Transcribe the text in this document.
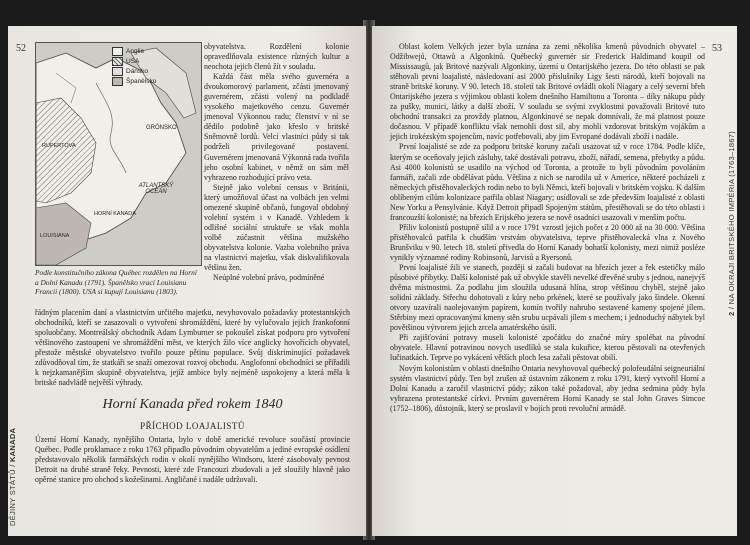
52
DĚJINY STÁTŮ / KANADA
Anglie
USA
Dánsko
Španělsko
GRÓNSKO
ATLANTSKÝ OCEÁN
RUPERTOVA
LOUISIANA
HORNÍ KANADA
Podle konstitučního zákona Québec rozdělen na Horní a Dolní Kanadu (1791). Španělsko vrací Louisianu Francii (1800). USA si kupují Louisianu (1803).

obyvatelstva. Rozdělení kolonie opravedlňovala existence různých kultur a neochota jejich členů žít v souladu.

Každá část měla svého guvernéra a dvoukomorový parlament, zčásti jmenovaný guvernérem, zčásti volený na podkladě vysokého majetkového cenzu. Guvernér jmenoval Výkonnou radu; členství v ní se dědilo podobně jako křeslo v britské Sněmovně lordů. Velcí vlastníci půdy si tak podrželi privilegované postavení. Guvernérem jmenovaná Výkonná rada tvořila jeho osobní kabinet, v němž on sám měl vyhrazeno rozhodující právo veta.

Stejně jako volební census v Británii, který umožňoval účast na volbách jen velmi omezené skupině občanů, fungoval obdobný volební systém i v Kanadě. Vzhledem k odlišné sociální struktuře se však mohla volbě zúčastnit většina mužského obyvatelstva kolonie. Vazba volebního práva na vlastnictví majetku, však diskvalifikovala většinu žen.

Neúplné volební právo, podmíněné

řádným placením daní a vlastnictvím určitého majetku, nevyhovovalo požadavky protestantských obchodníků, kteří se zasazovali o vytvoření shromáždění, které by vylučovalo jejich frankofonní spoluobčany. Montreálský obchodník Adam Lymburner se pokoušel získat podporu pro vytvoření většinového zastoupení ve shromáždění měst, ve kterých žilo více anglicky hovořících obyvatel, přestože městské obyvatelstvo tvořilo pouze pětinu populace. Svůj diskriminující požadavek zdůvodňoval tím, že statkáři se snaží omezovat rozvoj obchodu. Anglofonní obchodníci se přiřadili k nejzkamanějším skupině obyvatelstva, jejíž ambice byly nejméně uspokojeny a která měla k britské nadvládě největší výhrady.

Horní Kanada před rokem 1840
PŘÍCHOD LOAJALISTŮ

Území Horní Kanady, nynějšího Ontaria, bylo v době americké revoluce součástí provincie Québec. Podle proklamace z roku 1763 připadlo původním obyvatelům a jediné evropské osídlení představovalo několik farmářských rodin v okolí nynějšího Windsoru, které zásobovaly pevnost Detroit na druhé straně řeky. Pevnosti, které zde Francouzi zbudovali a jež sloužily hlavně jako opěrné stanice pro obchod s kožešinami. Angličané i nadále udržovali.

53
2 / NA OKRAJI BRITSKÉHO IMPÉRIA (1763–1867)

Oblast kolem Velkých jezer byla uznána za zemi několika kmenů původních obyvatel – Odžibwejů, Ottawů a Algonkinů. Québecký guvernér sir Frederick Haldimand koupil od Mississaugů, jak Britové nazývali Algonkiny, území u Ontarijského jezera. Do této oblasti se pak stěhovali první loajalisté, následovaní asi 2000 příslušníky Ligy šesti národů, kteří bojovali na straně britské koruny. V 90. letech 18. století tak Britové ovládli okolí Niagary a celý severní břeh Ontarijského jezera s výjimkou oblasti kolem dnešního Hamiltonu a Toronta – díky nákupu půdy za pušky, munici, látky a další zboží. V souladu se svými zvyklostmi považovali Britové tuto obchodní transakci za provždy platnou, Algonkinové se nepak domnívali, že má platnost pouze dočasnou. V případě konfliktu však nemohli dost sil, aby mohli vzdorovat britským vojákům a jejich irokézským spojencům, navíc potřebovali, aby jim Evropané dodávali zboží i nadále.

První loajalisté se zde za podporu britské koruny začali usazovat už v roce 1784. Podle klíče, kterým se oceňovaly jejich zásluhy, také dostávali potravu, zboží, nářadí, semena, přebytky a půdu. Asi 4000 kolonistů se usadilo na východ od Toronta, a protože to byli původním povoláním farmáři, začali zde obdělávat půdu. Většina z nich se narodila už v Americe, některé pocházeli z německých přistěhovaleckých rodin nebo to byli Němci, kteří bojovali v britském vojsku. K dalším oblíbeným cílům kolonizace patřila oblast Niagary; usídlovali se zde především loajalisté z oblasti New Yorku a Pensylvánie. Když Detroit připadl Spojeným státům, přestěhovali se do této oblasti i francouzští kolonisté; na březích Erijského jezera se nově osadníci usazovali v menším počtu.

Příliv kolonistů postupně sílil a v roce 1791 vzrostl jejich počet z 20 000 až na 30 000. Většina přistěhovalců patřila k chudším vrstvám obyvatelstva, teprve přistěhovalecká vlna z Nového Brunšviku v 90. letech 18. století přivedla do Horní Kanady bohatší kolonisty, mezi nimiž posléze vynikly významné rodiny Robinsonů, Jarvisů a Ryersonů.

První loajalisté žili ve stanech, později si začali budovat na březích jezer a řek estetičky málo působivé příbytky. Další kolonisté pak už obvykle stavěli nevelké dřevěné sruby s jednou, nanejvýš dvěma místnostmi. Za podlahu jim sloužila udusaná hlína, strop většinou chyběl, stejně jako solidní základy. Střechu dohotovali z kůry nebo prkének, které se používaly jako šindele. Okenní otvory uzavírali naolejovaným papírem, komín tvořily nahrubo sestavené kameny spojené jílem. Stěrbiny mezi opracovanými kmeny stěn srubu ucpávali jílem s mechem; i jednoduchý nábytek byl povětšinou výtvorem jejich zrcela amatérského úsilí.

Při zajišťování potravy museli kolonisté zpočátku do značné míry spoléhat na původní obyvatele. Hlavní potravinou novych usedlíků se stala kukuřice, kterou pěstovali na otevřených lučinatkách. Teprve po vykácení větších ploch lesa začali pěstovat obilí.

Novým kolonistům v oblasti dnešního Ontaria nevyhovoval québecký polofeudální seigneuriální systém vlastnictví půdy. Ten byl zrušen až ústavním zákonem z roku 1791, který vytvořil Horní a Dolní Kanadu a zaručil vlastnictví půdy; zákon také požadoval, aby jedna sedmina půdy byla vyhrazena protestantské církvi. Prvním guvernérem Horní Kanady se stal John Graves Simcoe (1752–1806), důstojník, který se proslavil v bojích proti revoluční armádě.
